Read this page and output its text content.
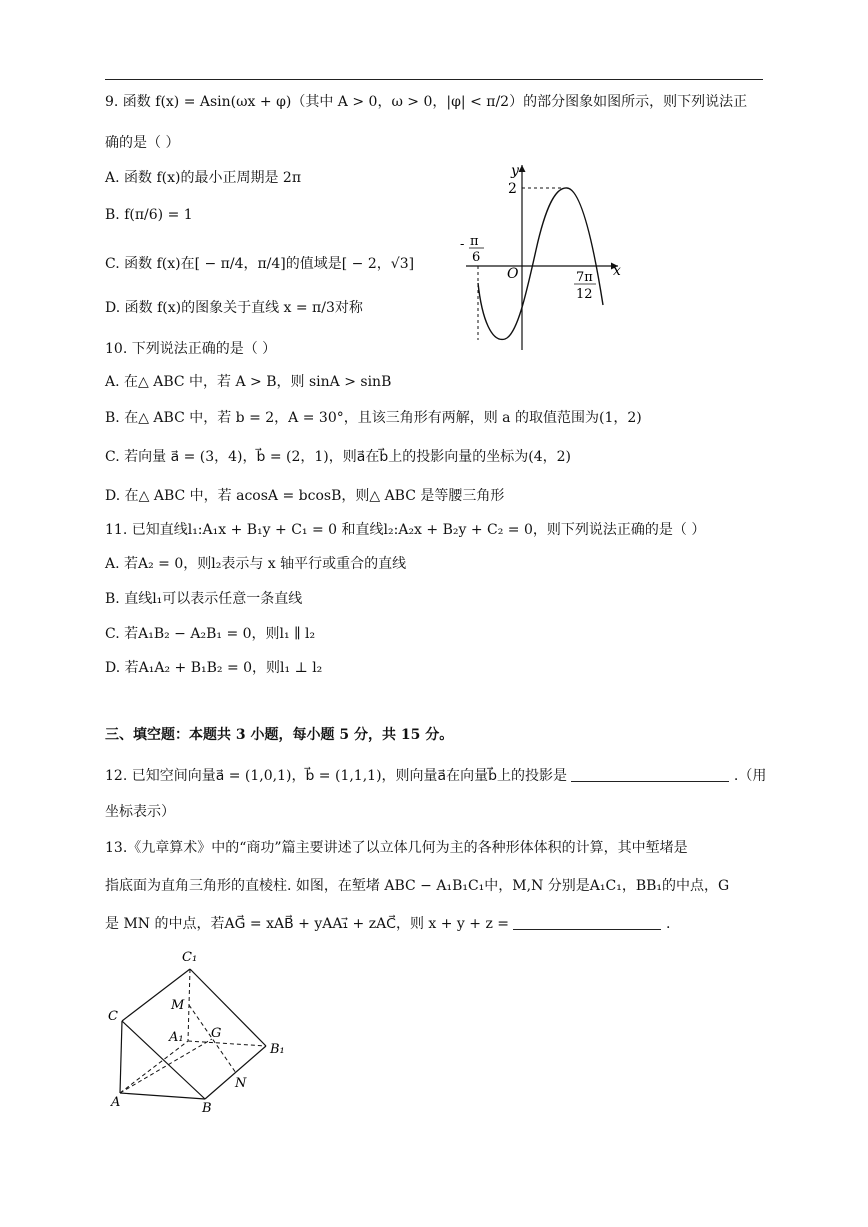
9. 函数 f(x) = Asin(ωx + φ)（其中 A > 0，ω > 0，|φ| < π/2）的部分图象如图所示，则下列说法正
确的是（ ）
A. 函数 f(x)的最小正周期是 2π
B. f(π/6) = 1
C. 函数 f(x)在[ − π/4，π/4]的值域是[ − 2，√3]
D. 函数 f(x)的图象关于直线 x = π/3对称
y
x
2
- π
6
O	7π
12
10. 下列说法正确的是（ ）
A. 在△ ABC 中，若 A > B，则 sinA > sinB
B. 在△ ABC 中，若 b = 2，A = 30°，且该三角形有两解，则 a 的取值范围为(1，2)
C. 若向量 a⃗ = (3，4)，b⃗ = (2，1)，则a⃗在b⃗上的投影向量的坐标为(4，2)
D. 在△ ABC 中，若 acosA = bcosB，则△ ABC 是等腰三角形
11. 已知直线l₁:A₁x + B₁y + C₁ = 0 和直线l₂:A₂x + B₂y + C₂ = 0，则下列说法正确的是（ ）
A. 若A₂ = 0，则l₂表示与 x 轴平行或重合的直线
B. 直线l₁可以表示任意一条直线
C. 若A₁B₂ − A₂B₁ = 0，则l₁ ∥ l₂
D. 若A₁A₂ + B₁B₂ = 0，则l₁ ⊥ l₂
三、填空题：本题共 3 小题，每小题 5 分，共 15 分。
12. 已知空间向量a⃗ = (1,0,1)，b⃗ = (1,1,1)，则向量a⃗在向量b⃗上的投影是	.（用
坐标表示）
13.《九章算术》中的“商功”篇主要讲述了以立体几何为主的各种形体体积的计算，其中堑堵是
指底面为直角三角形的直棱柱. 如图，在堑堵 ABC − A₁B₁C₁中，M,N 分别是A₁C₁，BB₁的中点，G
是 MN 的中点，若AG⃗ = xAB⃗ + yAA₁⃗ + zAC⃗，则 x + y + z =	.
C₁
C
M
A₁ G
B₁
N
A	B
